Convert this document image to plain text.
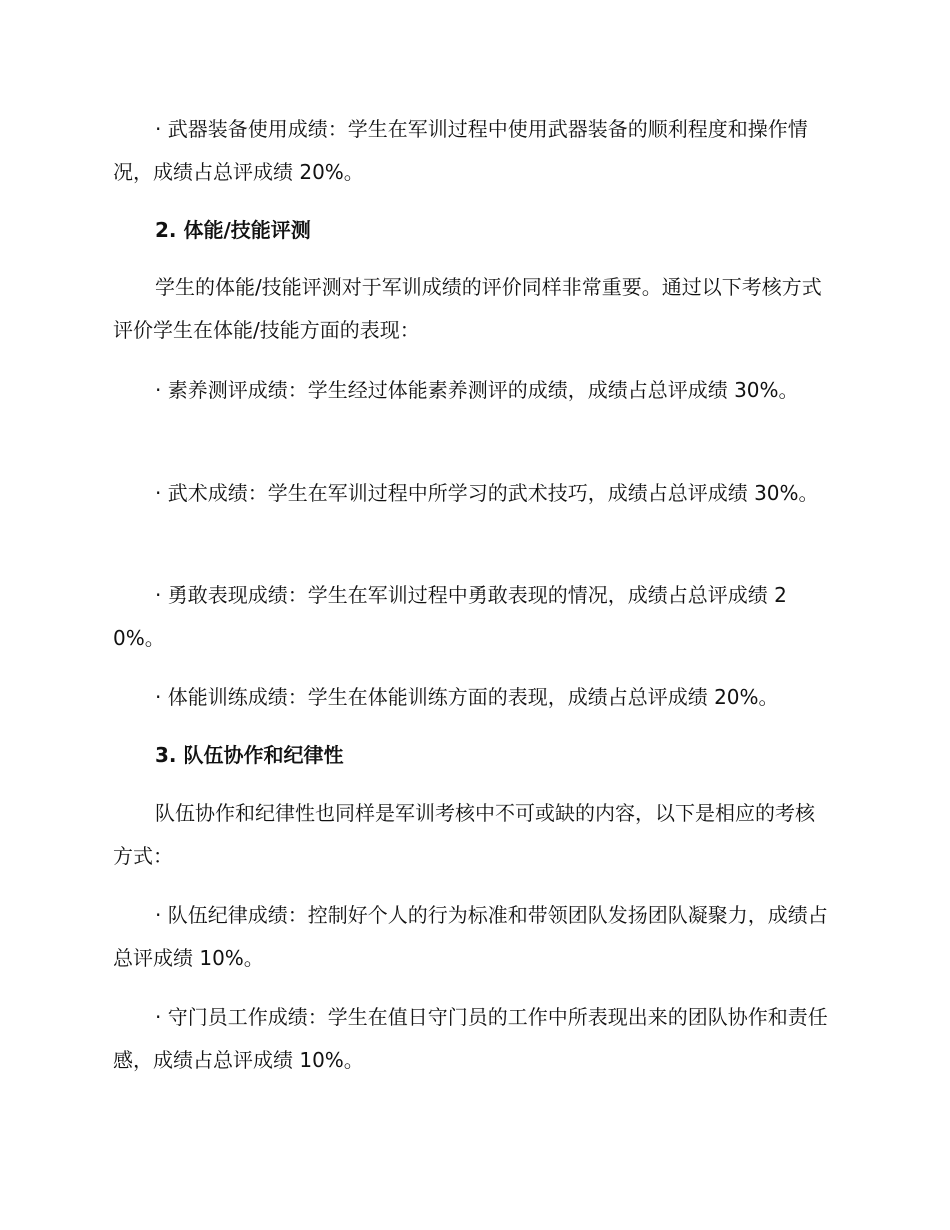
· 武器装备使用成绩：学生在军训过程中使用武器装备的顺利程度和操作情况，成绩占总评成绩 20%。
2. 体能/技能评测
学生的体能/技能评测对于军训成绩的评价同样非常重要。通过以下考核方式评价学生在体能/技能方面的表现：
· 素养测评成绩：学生经过体能素养测评的成绩，成绩占总评成绩 30%。
· 武术成绩：学生在军训过程中所学习的武术技巧，成绩占总评成绩 30%。
· 勇敢表现成绩：学生在军训过程中勇敢表现的情况，成绩占总评成绩 20%。
· 体能训练成绩：学生在体能训练方面的表现，成绩占总评成绩 20%。
3. 队伍协作和纪律性
队伍协作和纪律性也同样是军训考核中不可或缺的内容，以下是相应的考核方式：
· 队伍纪律成绩：控制好个人的行为标准和带领团队发扬团队凝聚力，成绩占总评成绩 10%。
· 守门员工作成绩：学生在值日守门员的工作中所表现出来的团队协作和责任感，成绩占总评成绩 10%。
